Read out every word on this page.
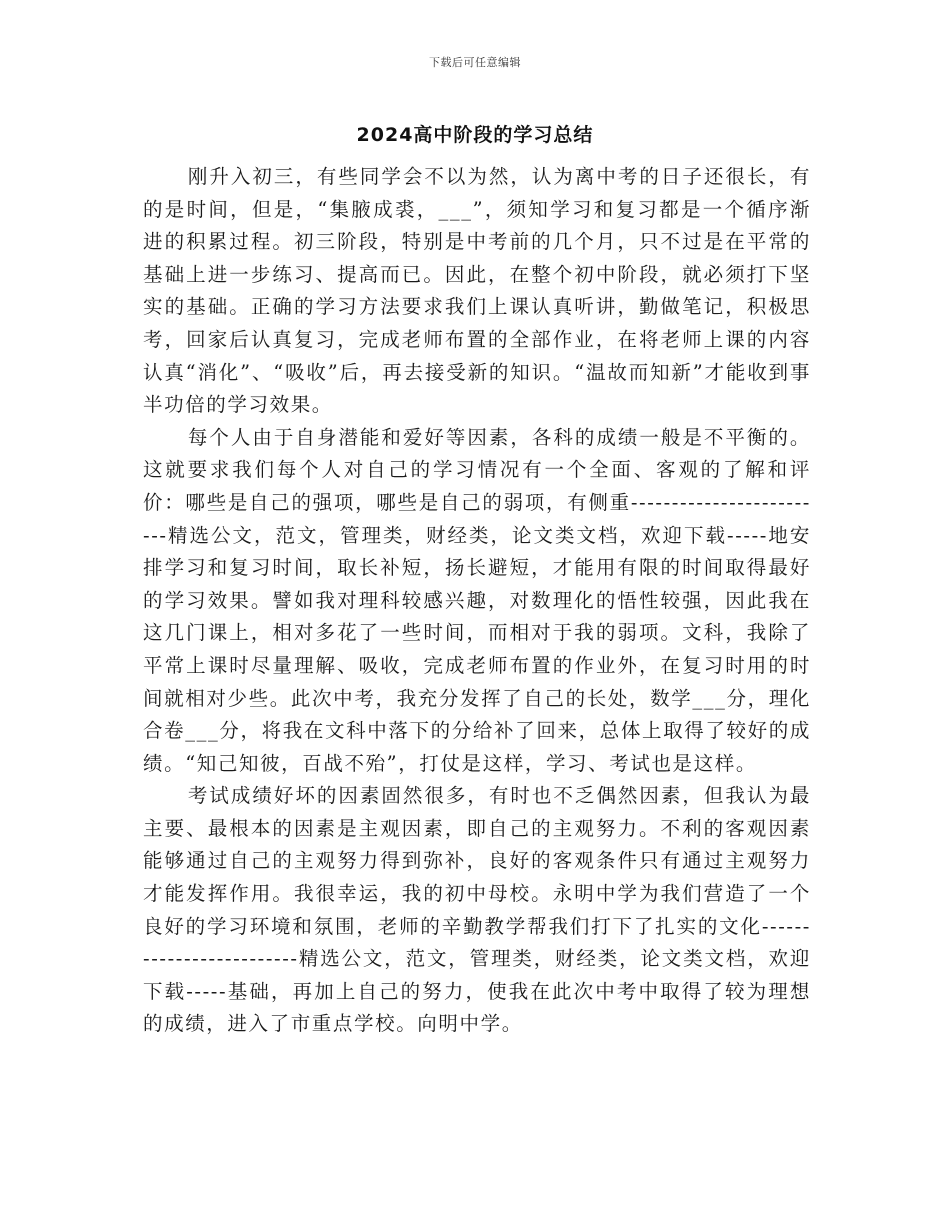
下载后可任意编辑
2024高中阶段的学习总结

刚升入初三，有些同学会不以为然，认为离中考的日子还很长，有的是时间，但是，“集腋成裘，___”，须知学习和复习都是一个循序渐进的积累过程。初三阶段，特别是中考前的几个月，只不过是在平常的基础上进一步练习、提高而已。因此，在整个初中阶段，就必须打下坚实的基础。正确的学习方法要求我们上课认真听讲，勤做笔记，积极思考，回家后认真复习，完成老师布置的全部作业，在将老师上课的内容认真“消化”、“吸收”后，再去接受新的知识。“温故而知新”才能收到事半功倍的学习效果。

每个人由于自身潜能和爱好等因素，各科的成绩一般是不平衡的。这就要求我们每个人对自己的学习情况有一个全面、客观的了解和评价：哪些是自己的强项，哪些是自己的弱项，有侧重-------------------------精选公文，范文，管理类，财经类，论文类文档，欢迎下载-----地安排学习和复习时间，取长补短，扬长避短，才能用有限的时间取得最好的学习效果。譬如我对理科较感兴趣，对数理化的悟性较强，因此我在这几门课上，相对多花了一些时间，而相对于我的弱项。文科，我除了平常上课时尽量理解、吸收，完成老师布置的作业外，在复习时用的时间就相对少些。此次中考，我充分发挥了自己的长处，数学___分，理化合卷___分，将我在文科中落下的分给补了回来，总体上取得了较好的成绩。“知己知彼，百战不殆”，打仗是这样，学习、考试也是这样。

考试成绩好坏的因素固然很多，有时也不乏偶然因素，但我认为最主要、最根本的因素是主观因素，即自己的主观努力。不利的客观因素能够通过自己的主观努力得到弥补，良好的客观条件只有通过主观努力才能发挥作用。我很幸运，我的初中母校。永明中学为我们营造了一个良好的学习环境和氛围，老师的辛勤教学帮我们打下了扎实的文化-------------------------精选公文，范文，管理类，财经类，论文类文档，欢迎下载-----基础，再加上自己的努力，使我在此次中考中取得了较为理想的成绩，进入了市重点学校。向明中学。
